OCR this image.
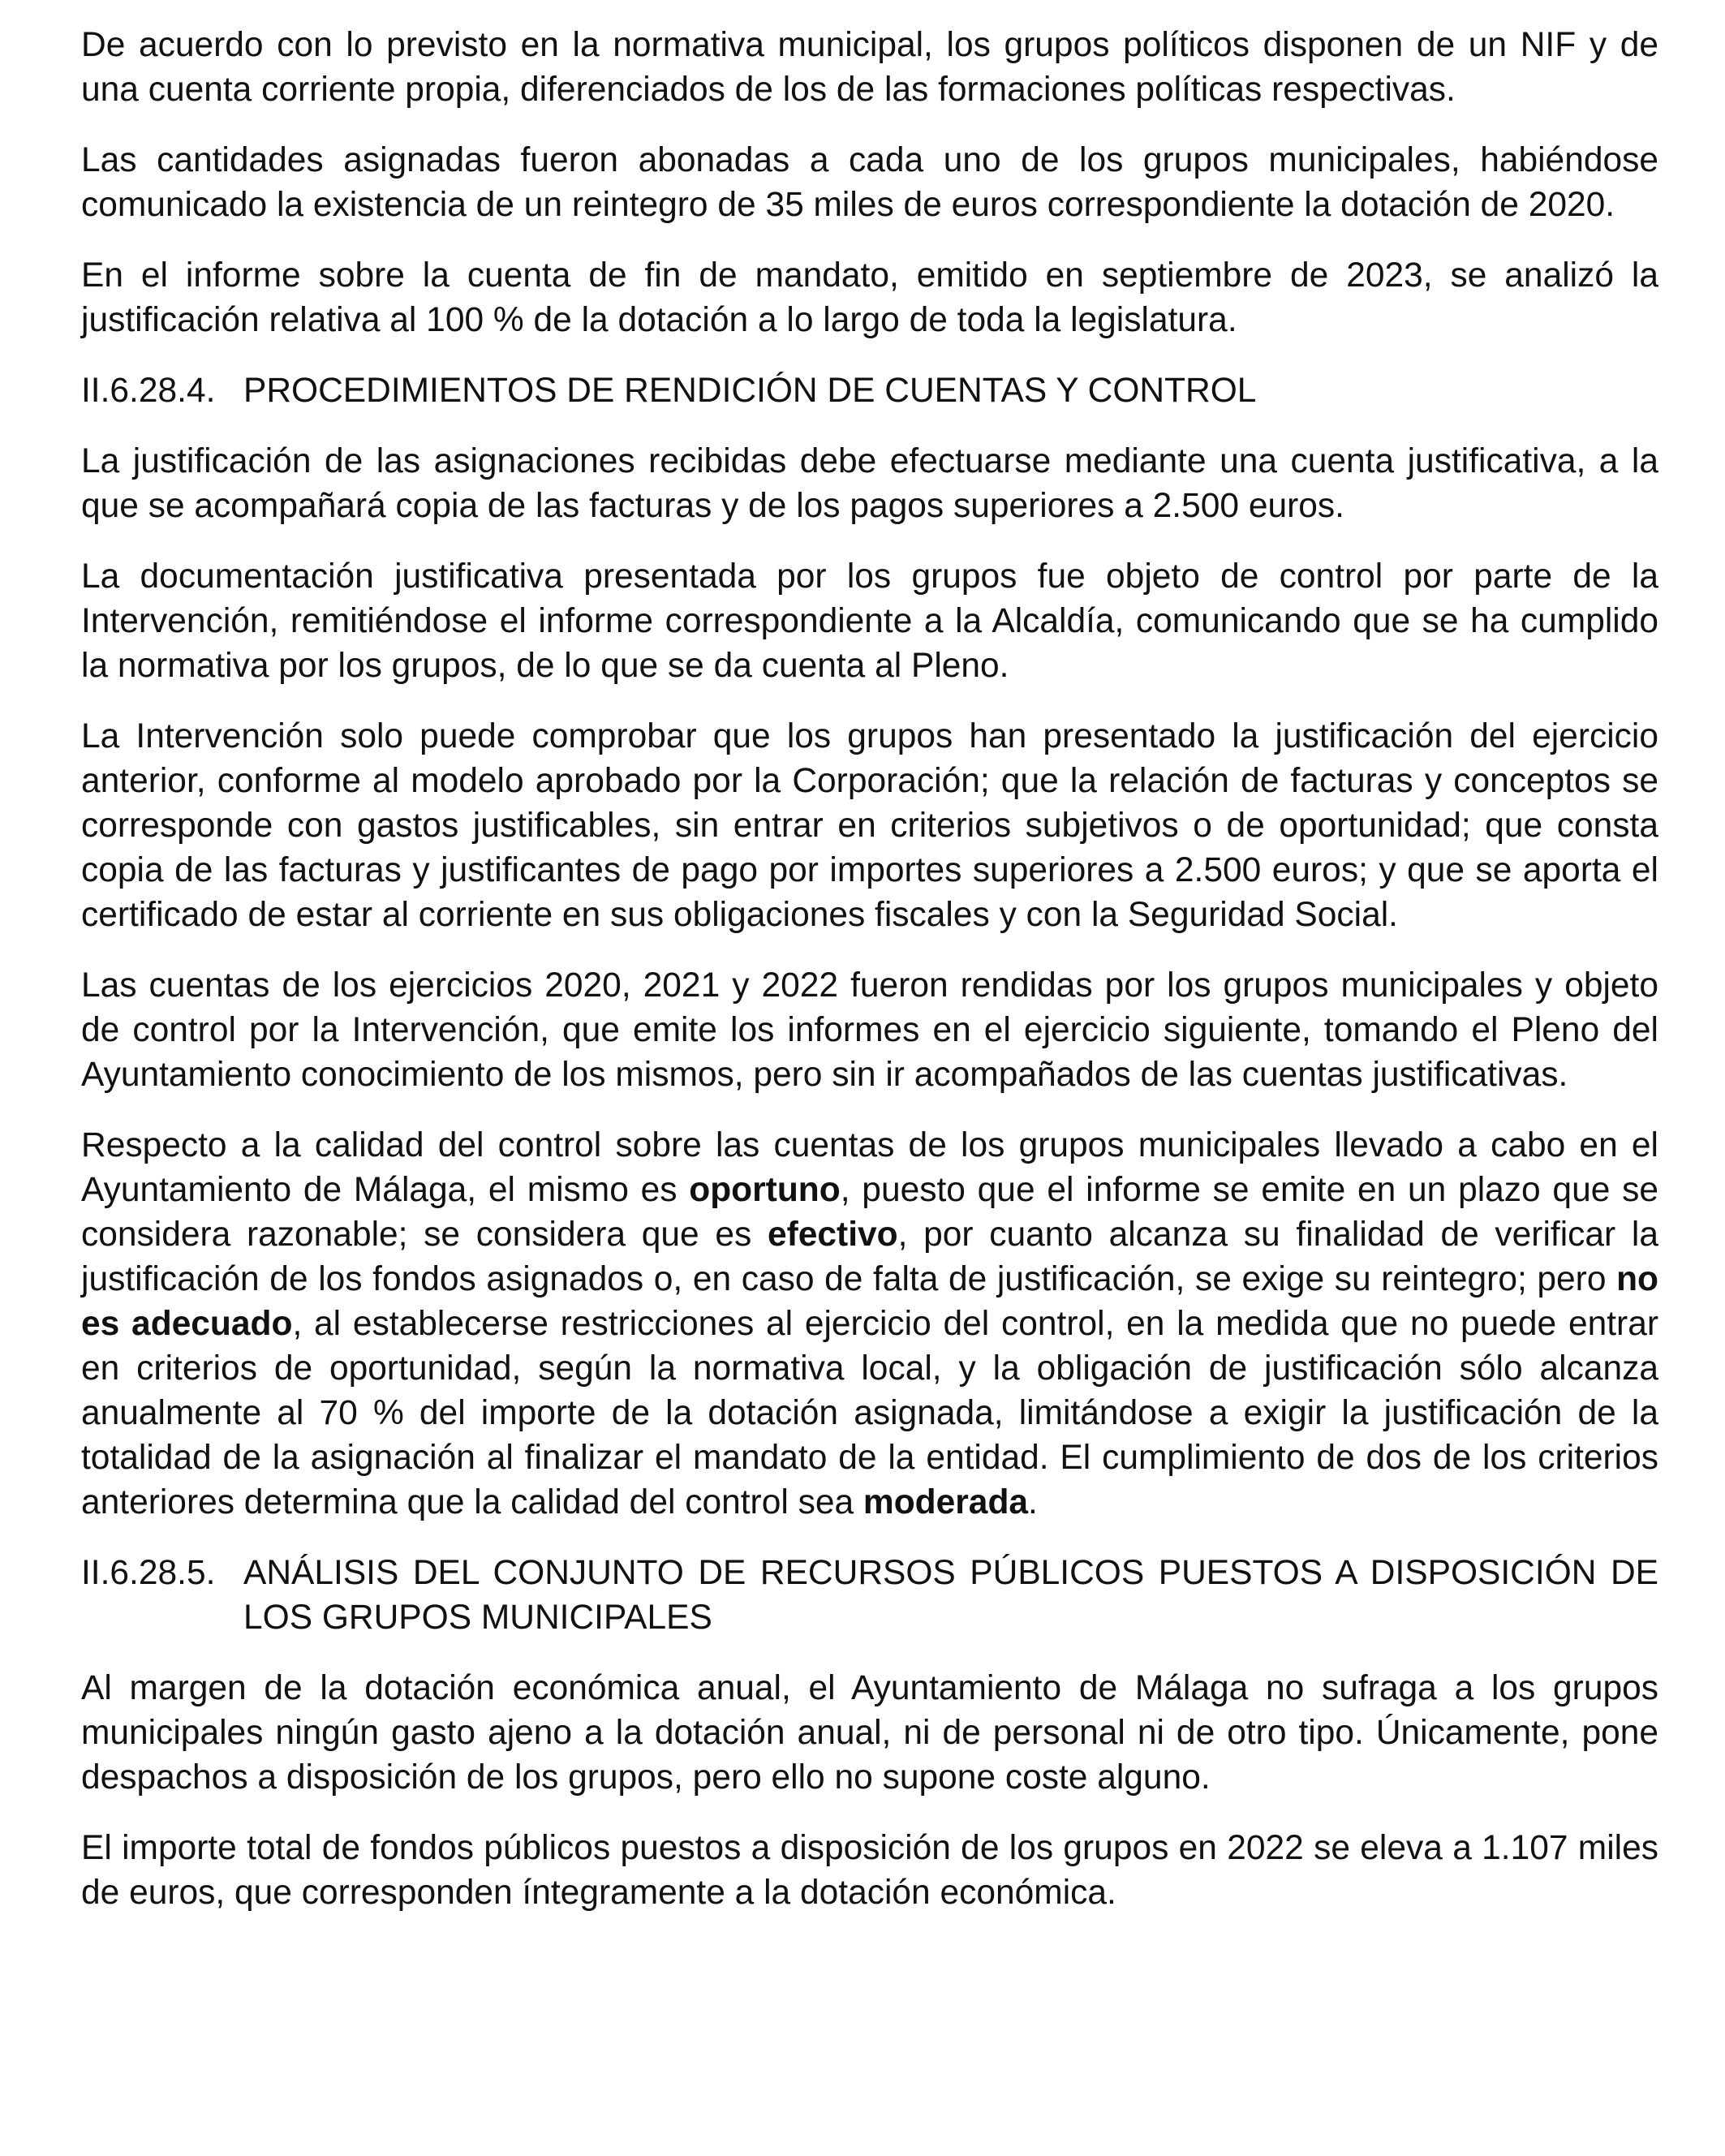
De acuerdo con lo previsto en la normativa municipal, los grupos políticos disponen de un NIF y de una cuenta corriente propia, diferenciados de los de las formaciones políticas respectivas.

Las cantidades asignadas fueron abonadas a cada uno de los grupos municipales, habiéndose comunicado la existencia de un reintegro de 35 miles de euros correspondiente la dotación de 2020.

En el informe sobre la cuenta de fin de mandato, emitido en septiembre de 2023, se analizó la justificación relativa al 100 % de la dotación a lo largo de toda la legislatura.

II.6.28.4. PROCEDIMIENTOS DE RENDICIÓN DE CUENTAS Y CONTROL

La justificación de las asignaciones recibidas debe efectuarse mediante una cuenta justificativa, a la que se acompañará copia de las facturas y de los pagos superiores a 2.500 euros.

La documentación justificativa presentada por los grupos fue objeto de control por parte de la Intervención, remitiéndose el informe correspondiente a la Alcaldía, comunicando que se ha cumplido la normativa por los grupos, de lo que se da cuenta al Pleno.

La Intervención solo puede comprobar que los grupos han presentado la justificación del ejercicio anterior, conforme al modelo aprobado por la Corporación; que la relación de facturas y conceptos se corresponde con gastos justificables, sin entrar en criterios subjetivos o de oportunidad; que consta copia de las facturas y justificantes de pago por importes superiores a 2.500 euros; y que se aporta el certificado de estar al corriente en sus obligaciones fiscales y con la Seguridad Social.

Las cuentas de los ejercicios 2020, 2021 y 2022 fueron rendidas por los grupos municipales y objeto de control por la Intervención, que emite los informes en el ejercicio siguiente, tomando el Pleno del Ayuntamiento conocimiento de los mismos, pero sin ir acompañados de las cuentas justificativas.

Respecto a la calidad del control sobre las cuentas de los grupos municipales llevado a cabo en el Ayuntamiento de Málaga, el mismo es oportuno, puesto que el informe se emite en un plazo que se considera razonable; se considera que es efectivo, por cuanto alcanza su finalidad de verificar la justificación de los fondos asignados o, en caso de falta de justificación, se exige su reintegro; pero no es adecuado, al establecerse restricciones al ejercicio del control, en la medida que no puede entrar en criterios de oportunidad, según la normativa local, y la obligación de justificación sólo alcanza anualmente al 70 % del importe de la dotación asignada, limitándose a exigir la justificación de la totalidad de la asignación al finalizar el mandato de la entidad. El cumplimiento de dos de los criterios anteriores determina que la calidad del control sea moderada.

II.6.28.5. ANÁLISIS DEL CONJUNTO DE RECURSOS PÚBLICOS PUESTOS A DISPOSICIÓN DE LOS GRUPOS MUNICIPALES

Al margen de la dotación económica anual, el Ayuntamiento de Málaga no sufraga a los grupos municipales ningún gasto ajeno a la dotación anual, ni de personal ni de otro tipo. Únicamente, pone despachos a disposición de los grupos, pero ello no supone coste alguno.

El importe total de fondos públicos puestos a disposición de los grupos en 2022 se eleva a 1.107 miles de euros, que corresponden íntegramente a la dotación económica.
